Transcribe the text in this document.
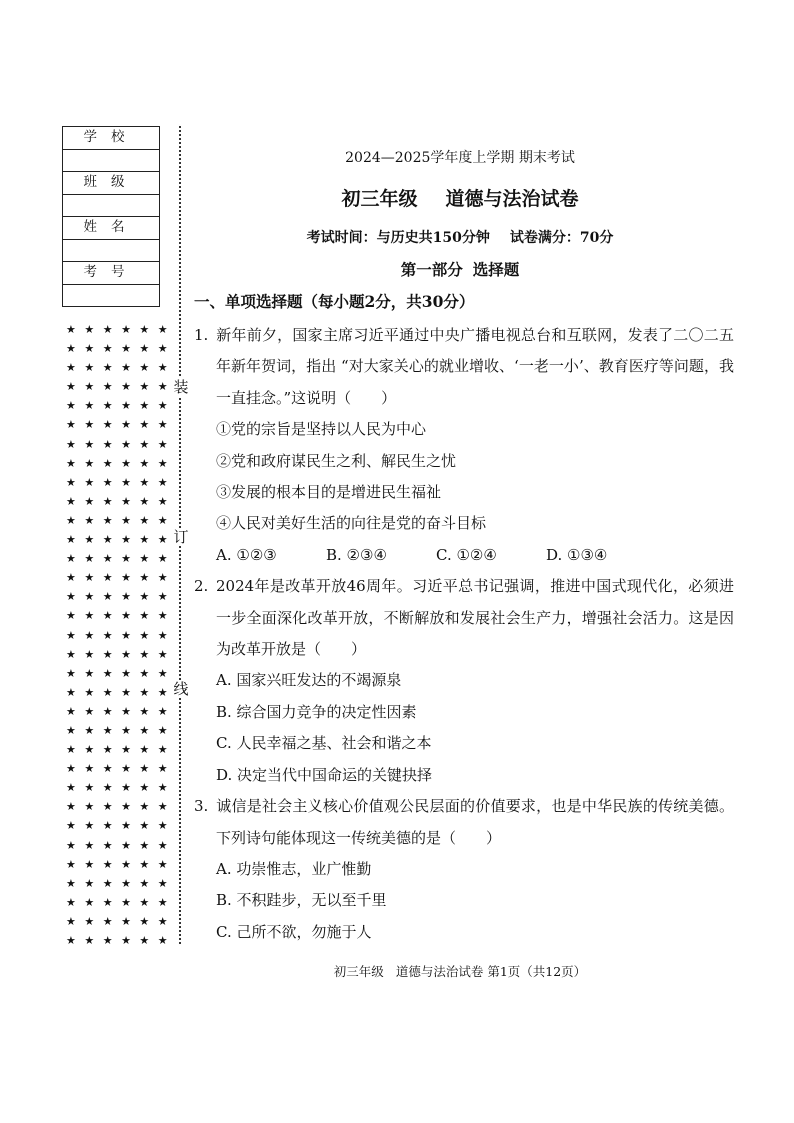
学校

班级

姓名

考号

★ ★ ★ ★ ★ ★
★ ★ ★ ★ ★ ★
★ ★ ★ ★ ★ ★
★ ★ ★ ★ ★ ★
★ ★ ★ ★ ★ ★
★ ★ ★ ★ ★ ★
★ ★ ★ ★ ★ ★
★ ★ ★ ★ ★ ★
★ ★ ★ ★ ★ ★
★ ★ ★ ★ ★ ★
★ ★ ★ ★ ★ ★
★ ★ ★ ★ ★ ★
★ ★ ★ ★ ★ ★
★ ★ ★ ★ ★ ★
★ ★ ★ ★ ★ ★
★ ★ ★ ★ ★ ★
★ ★ ★ ★ ★ ★
★ ★ ★ ★ ★ ★
★ ★ ★ ★ ★ ★
★ ★ ★ ★ ★ ★
★ ★ ★ ★ ★ ★
★ ★ ★ ★ ★ ★
★ ★ ★ ★ ★ ★
★ ★ ★ ★ ★ ★
★ ★ ★ ★ ★ ★
★ ★ ★ ★ ★ ★
★ ★ ★ ★ ★ ★
★ ★ ★ ★ ★ ★
★ ★ ★ ★ ★ ★
★ ★ ★ ★ ★ ★
★ ★ ★ ★ ★ ★
★ ★ ★ ★ ★ ★
★ ★ ★ ★ ★ ★
装
订
线
2024—2025学年度上学期 期末考试
初三年级 道德与法治试卷
考试时间：与历史共150分钟 试卷满分：70分
第一部分 选择题
一、单项选择题（每小题2分，共30分）

1. 新年前夕，国家主席习近平通过中央广播电视总台和互联网，发表了二〇二五年新年贺词，指出 “对大家关心的就业增收、‘一老一小’、教育医疗等问题，我一直挂念。”这说明（　　）

①党的宗旨是坚持以人民为中心

②党和政府谋民生之利、解民生之忧

③发展的根本目的是增进民生福祉

④人民对美好生活的向往是党的奋斗目标

A. ①②③	B. ②③④	C. ①②④	D. ①③④

2. 2024年是改革开放46周年。习近平总书记强调，推进中国式现代化，必须进一步全面深化改革开放，不断解放和发展社会生产力，增强社会活力。这是因为改革开放是（　　）

A. 国家兴旺发达的不竭源泉

B. 综合国力竞争的决定性因素

C. 人民幸福之基、社会和谐之本

D. 决定当代中国命运的关键抉择

3. 诚信是社会主义核心价值观公民层面的价值要求，也是中华民族的传统美德。下列诗句能体现这一传统美德的是（　　）

A. 功崇惟志，业广惟勤

B. 不积跬步，无以至千里

C. 己所不欲，勿施于人

初三年级 道德与法治试卷 第1页（共12页）
